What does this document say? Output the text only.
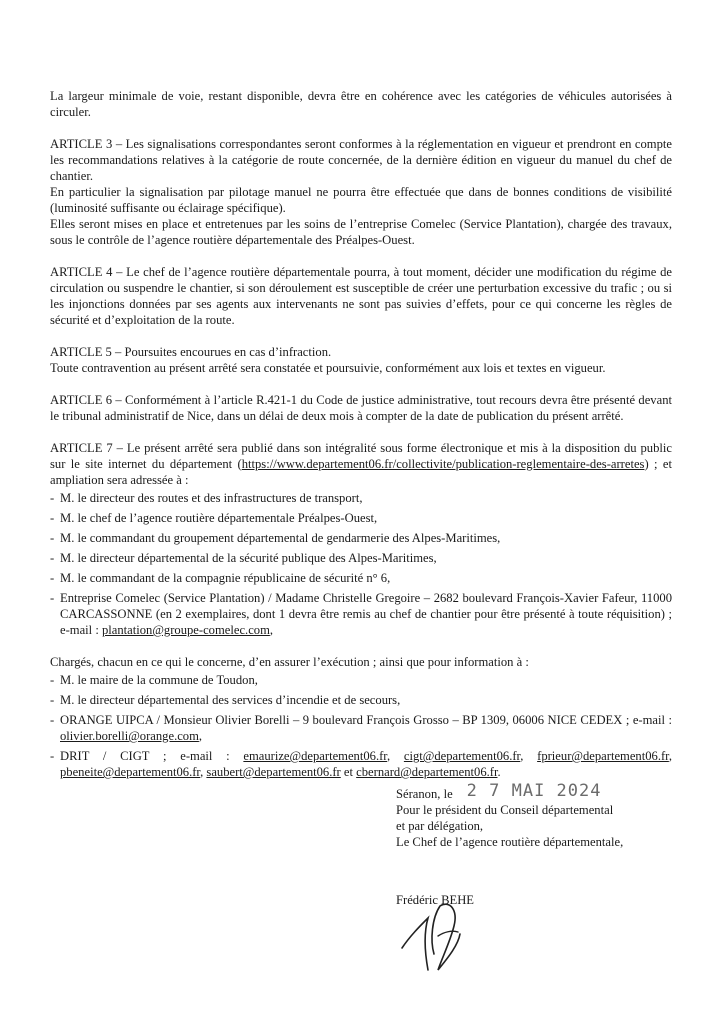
La largeur minimale de voie, restant disponible, devra être en cohérence avec les catégories de véhicules autorisées à circuler.

ARTICLE 3 – Les signalisations correspondantes seront conformes à la réglementation en vigueur et prendront en compte les recommandations relatives à la catégorie de route concernée, de la dernière édition en vigueur du manuel du chef de chantier.
En particulier la signalisation par pilotage manuel ne pourra être effectuée que dans de bonnes conditions de visibilité (luminosité suffisante ou éclairage spécifique).
Elles seront mises en place et entretenues par les soins de l’entreprise Comelec (Service Plantation), chargée des travaux, sous le contrôle de l’agence routière départementale des Préalpes-Ouest.

ARTICLE 4 – Le chef de l’agence routière départementale pourra, à tout moment, décider une modification du régime de circulation ou suspendre le chantier, si son déroulement est susceptible de créer une perturbation excessive du trafic ; ou si les injonctions données par ses agents aux intervenants ne sont pas suivies d’effets, pour ce qui concerne les règles de sécurité et d’exploitation de la route.

ARTICLE 5 – Poursuites encourues en cas d’infraction.
Toute contravention au présent arrêté sera constatée et poursuivie, conformément aux lois et textes en vigueur.

ARTICLE 6 – Conformément à l’article R.421-1 du Code de justice administrative, tout recours devra être présenté devant le tribunal administratif de Nice, dans un délai de deux mois à compter de la date de publication du présent arrêté.

ARTICLE 7 – Le présent arrêté sera publié dans son intégralité sous forme électronique et mis à la disposition du public sur le site internet du département (https://www.departement06.fr/collectivite/publication-reglementaire-des-arretes) ; et ampliation sera adressée à :

- M. le directeur des routes et des infrastructures de transport,
- M. le chef de l’agence routière départementale Préalpes-Ouest,
- M. le commandant du groupement départemental de gendarmerie des Alpes-Maritimes,
- M. le directeur départemental de la sécurité publique des Alpes-Maritimes,
- M. le commandant de la compagnie républicaine de sécurité n° 6,
- Entreprise Comelec (Service Plantation) / Madame Christelle Gregoire – 2682 boulevard François-Xavier Fafeur, 11000 CARCASSONNE (en 2 exemplaires, dont 1 devra être remis au chef de chantier pour être présenté à toute réquisition) ; e-mail : plantation@groupe-comelec.com,

Chargés, chacun en ce qui le concerne, d’en assurer l’exécution ; ainsi que pour information à :

- M. le maire de la commune de Toudon,
- M. le directeur départemental des services d’incendie et de secours,
- ORANGE UIPCA / Monsieur Olivier Borelli – 9 boulevard François Grosso – BP 1309, 06006 NICE CEDEX ; e-mail : olivier.borelli@orange.com,
- DRIT / CIGT ; e-mail : emaurize@departement06.fr, cigt@departement06.fr, fprieur@departement06.fr, pbeneite@departement06.fr, saubert@departement06.fr et cbernard@departement06.fr.
Séranon, le 2 7 MAI 2024
Pour le président du Conseil départemental
et par délégation,
Le Chef de l’agence routière départementale,
Frédéric BEHE
